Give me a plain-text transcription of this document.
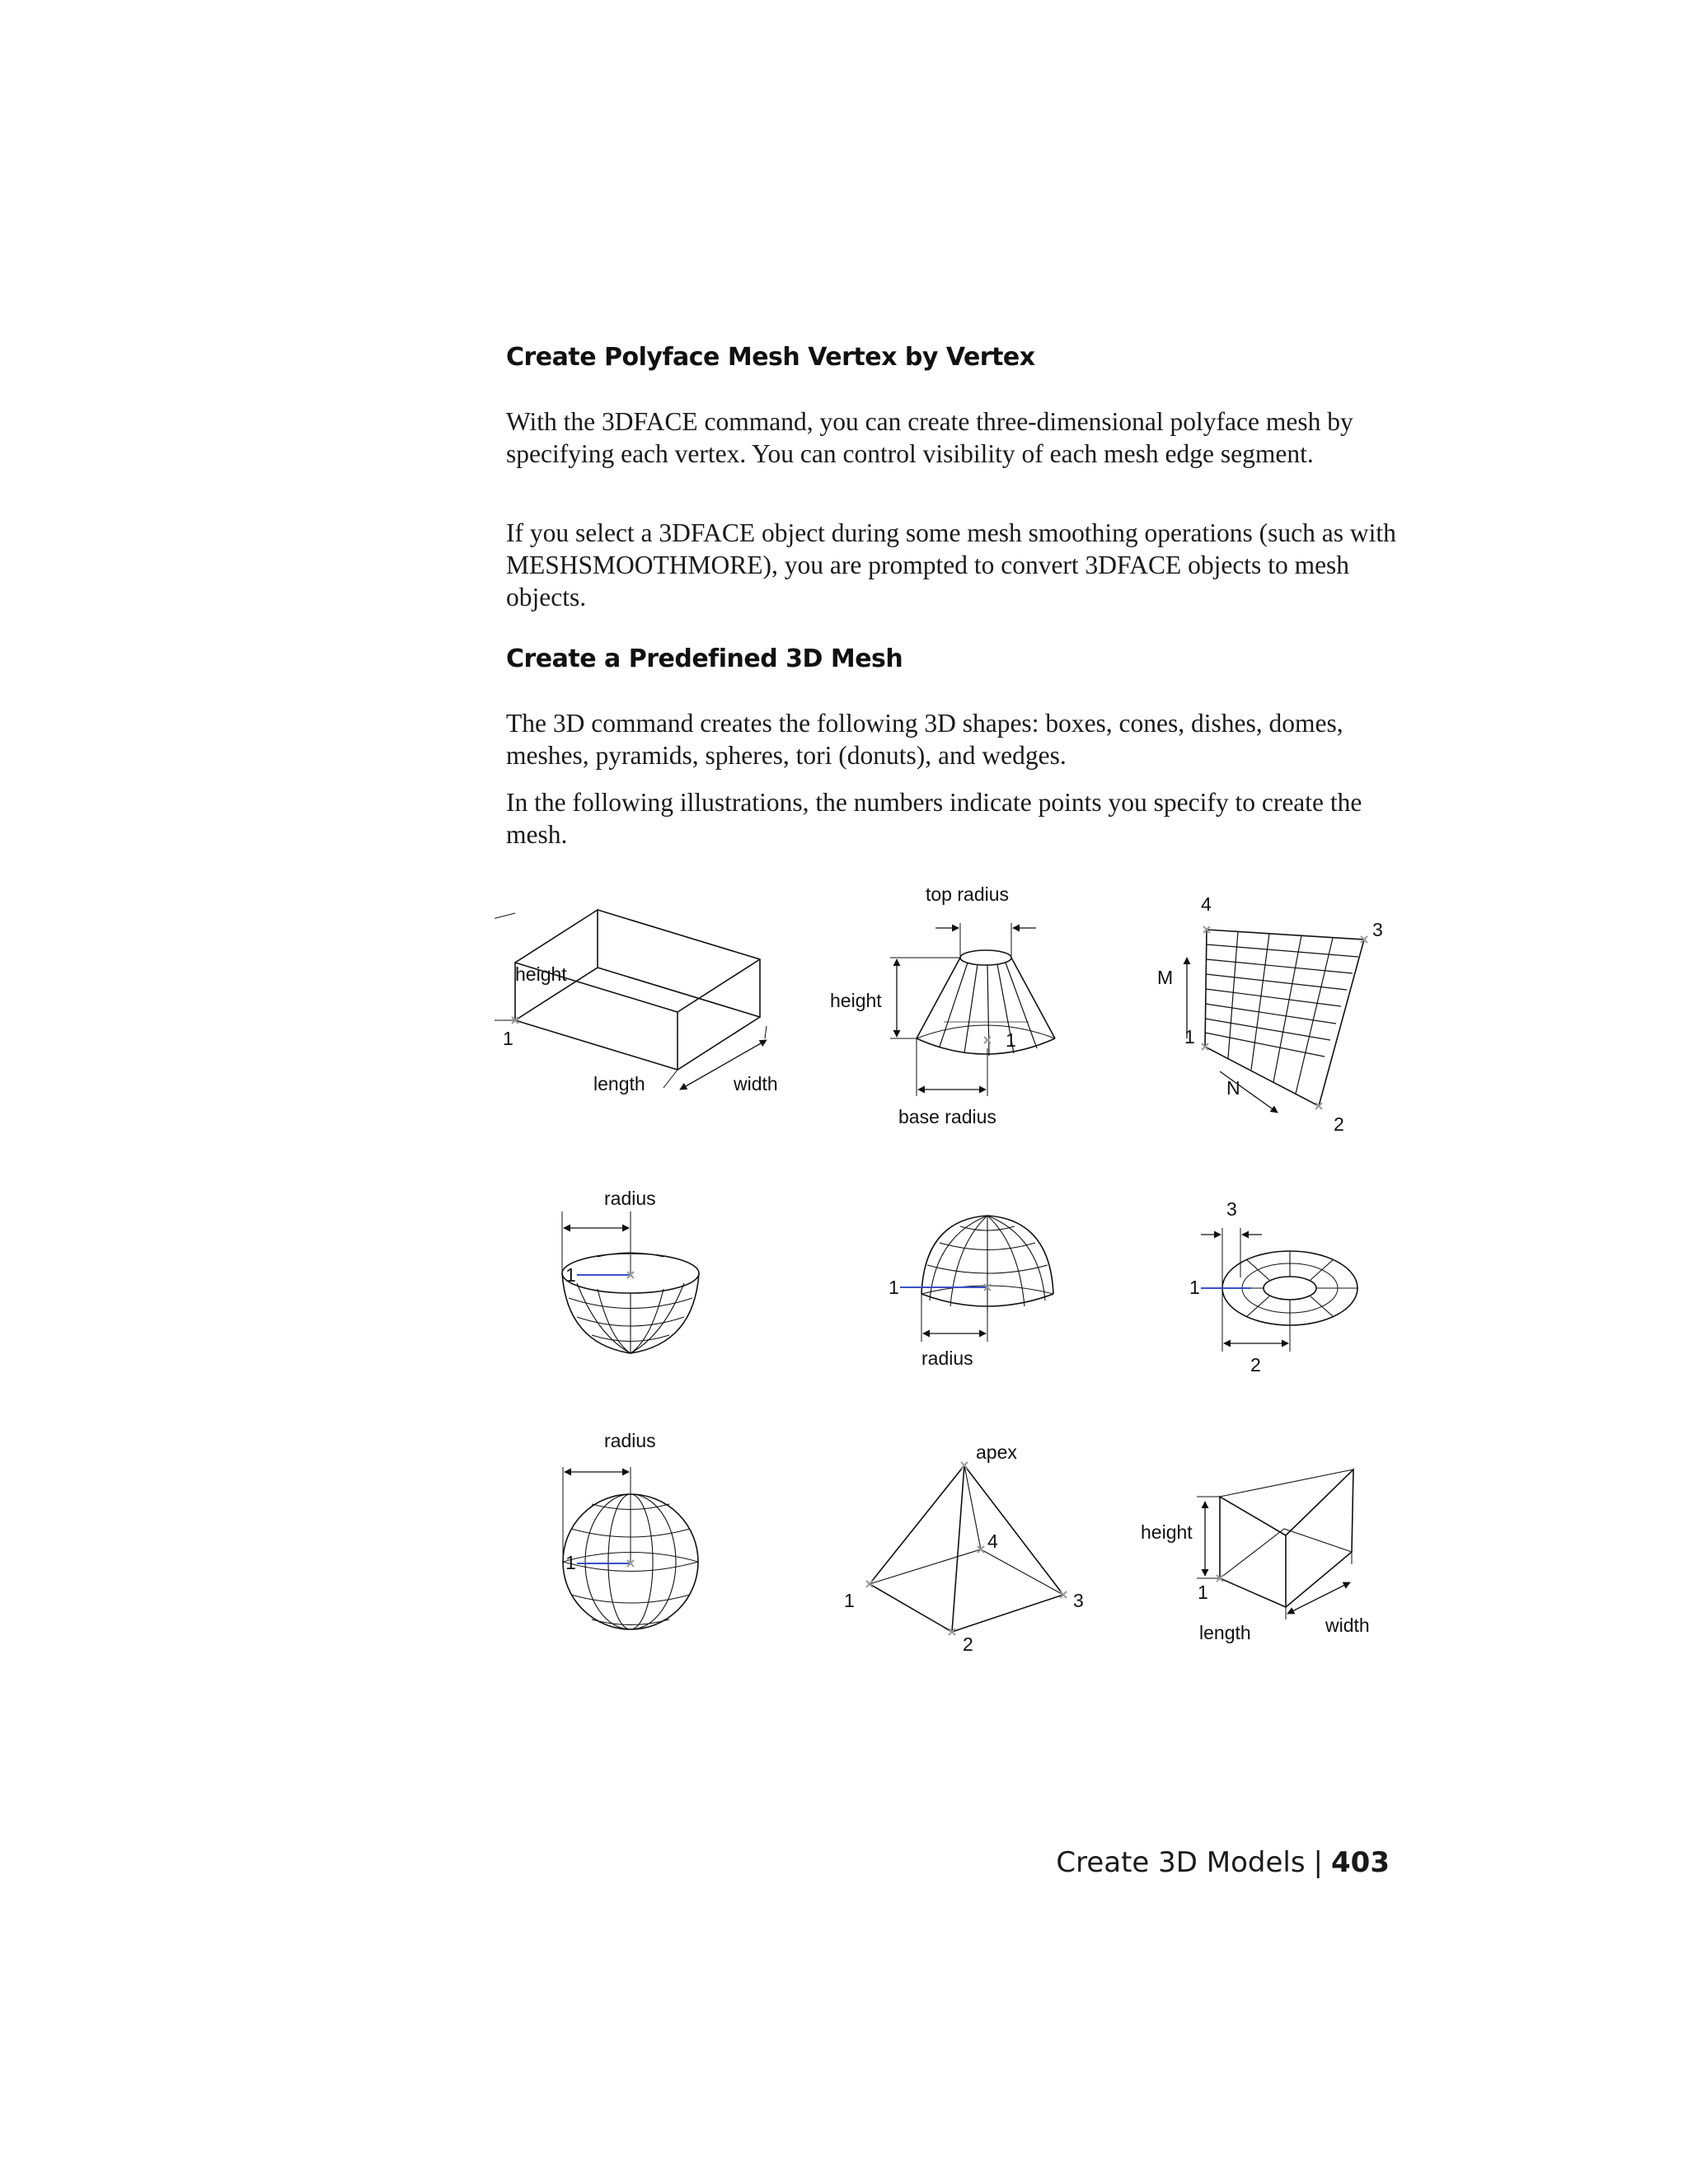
Create Polyface Mesh Vertex by Vertex

With the 3DFACE command, you can create three-dimensional polyface mesh by specifying each vertex. You can control visibility of each mesh edge segment.

If you select a 3DFACE object during some mesh smoothing operations (such as with MESHSMOOTHMORE), you are prompted to convert 3DFACE objects to mesh objects.

Create a Predefined 3D Mesh

The 3D command creates the following 3D shapes: boxes, cones, dishes, domes, meshes, pyramids, spheres, tori (donuts), and wedges.

In the following illustrations, the numbers indicate points you specify to create the mesh.

height
1
length	width
top radius
height
1
base radius
4
3
M
1
N
2
radius
1
1
radius
3
1
2
radius
1
apex
4
1	3
2
height
1
length	width
Create 3D Models | 403
